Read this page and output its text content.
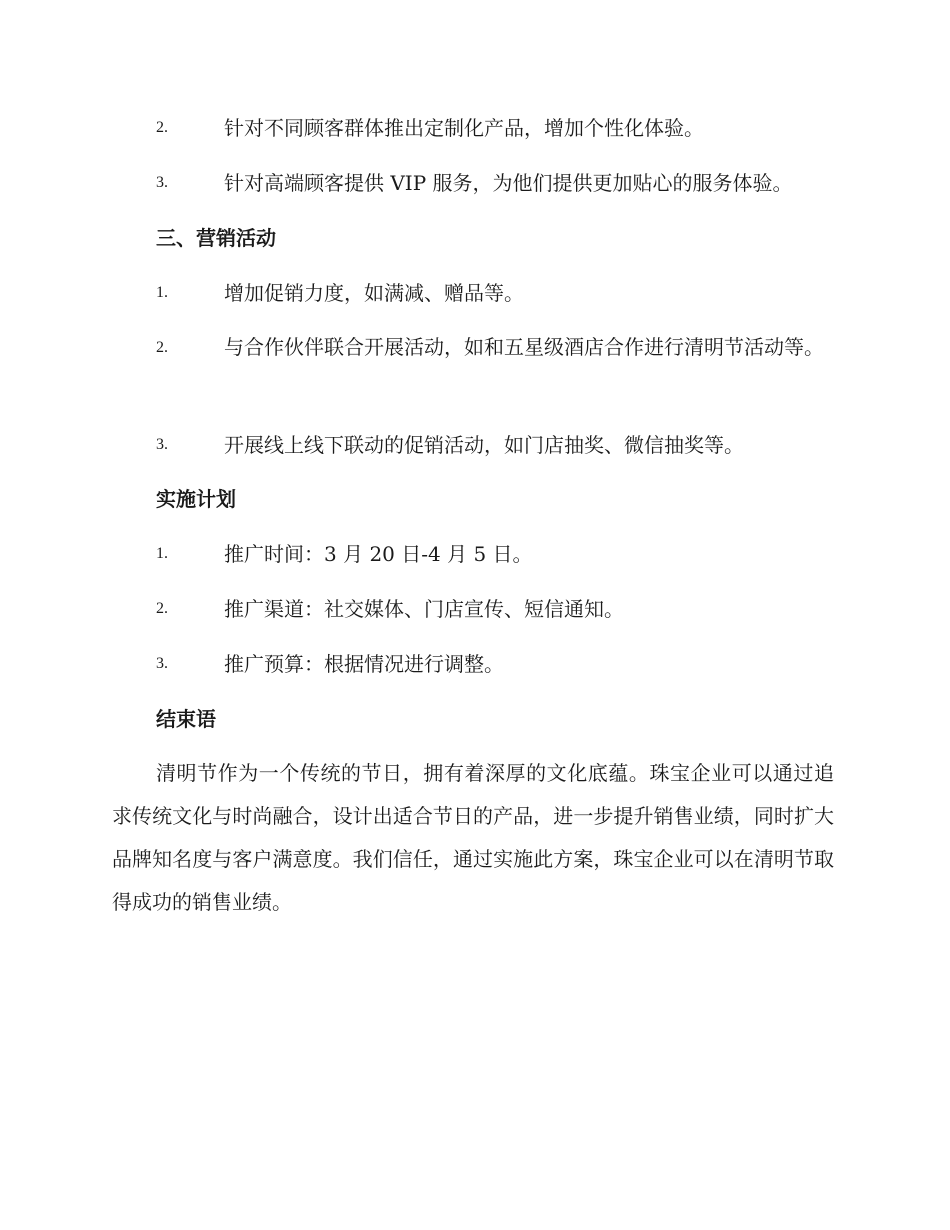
2.	针对不同顾客群体推出定制化产品，增加个性化体验。
3.	针对高端顾客提供 VIP 服务，为他们提供更加贴心的服务体验。
三、营销活动
1.	增加促销力度，如满减、赠品等。
2.	与合作伙伴联合开展活动，如和五星级酒店合作进行清明节活动等。
3.	开展线上线下联动的促销活动，如门店抽奖、微信抽奖等。
实施计划
1.	推广时间：3 月 20 日-4 月 5 日。
2.	推广渠道：社交媒体、门店宣传、短信通知。
3.	推广预算：根据情况进行调整。
结束语
清明节作为一个传统的节日，拥有着深厚的文化底蕴。珠宝企业可以通过追求传统文化与时尚融合，设计出适合节日的产品，进一步提升销售业绩，同时扩大品牌知名度与客户满意度。我们信任，通过实施此方案，珠宝企业可以在清明节取得成功的销售业绩。
